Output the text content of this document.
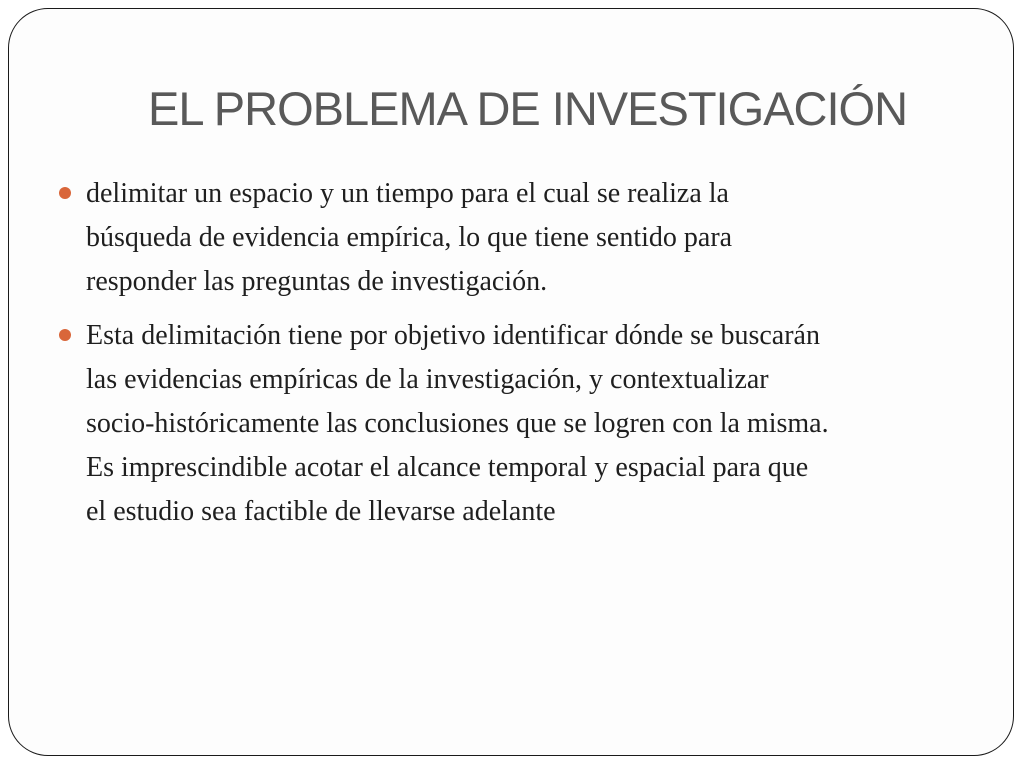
EL PROBLEMA DE INVESTIGACIÓN
delimitar un espacio y un tiempo para el cual se realiza la
búsqueda de evidencia empírica, lo que tiene sentido para
responder las preguntas de investigación.
Esta delimitación tiene por objetivo identificar dónde se buscarán
las evidencias empíricas de la investigación, y contextualizar
socio-históricamente las conclusiones que se logren con la misma.
Es imprescindible acotar el alcance temporal y espacial para que
el estudio sea factible de llevarse adelante
